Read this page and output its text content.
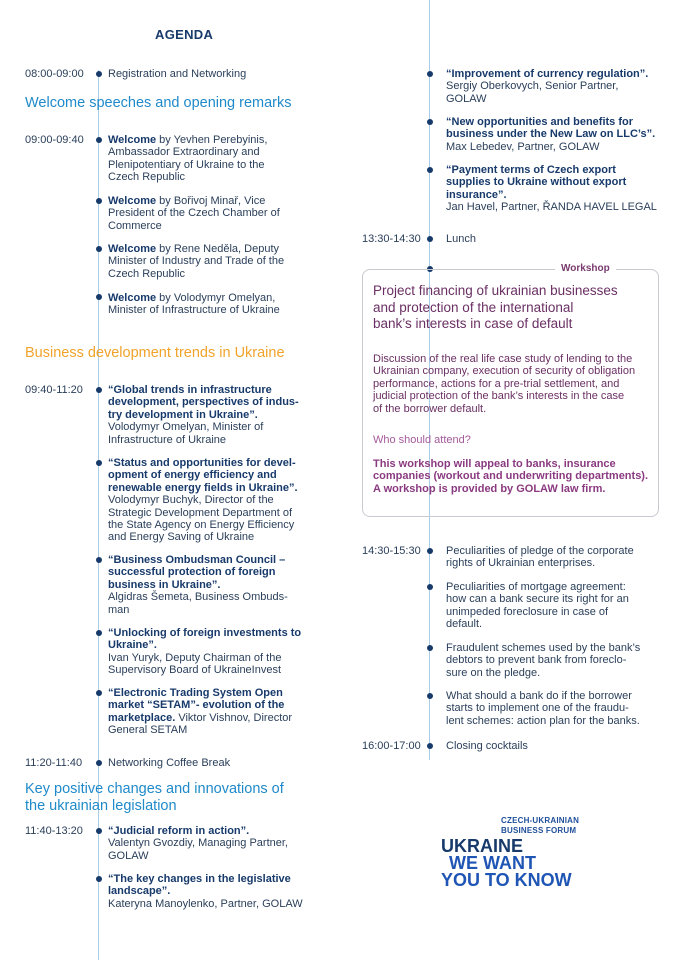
AGENDA
08:00-09:00 Registration and Networking
Welcome speeches and opening remarks
09:00-09:40 Welcome by Yevhen Perebyinis,
Ambassador Extraordinary and
Plenipotentiary of Ukraine to the
Czech Republic
Welcome by Bořivoj Minař, Vice
President of the Czech Chamber of
Commerce
Welcome by Rene Neděla, Deputy
Minister of Industry and Trade of the
Czech Republic
Welcome by Volodymyr Omelyan,
Minister of Infrastructure of Ukraine
Business development trends in Ukraine
09:40-11:20 “Global trends in infrastructure
development, perspectives of indus-
try development in Ukraine”.
Volodymyr Omelyan, Minister of
Infrastructure of Ukraine
“Status and opportunities for devel-
opment of energy efficiency and
renewable energy fields in Ukraine”.
Volodymyr Buchyk, Director of the
Strategic Development Department of
the State Agency on Energy Efficiency
and Energy Saving of Ukraine
“Business Ombudsman Council –
successful protection of foreign
business in Ukraine”.
Algidras Šemeta, Business Ombuds-
man
“Unlocking of foreign investments to
Ukraine”.
Ivan Yuryk, Deputy Chairman of the
Supervisory Board of UkraineInvest
“Electronic Trading System Open
market “SETAM”- evolution of the
marketplace. Viktor Vishnov, Director
General SETAM
11:20-11:40 Networking Coffee Break
Key positive changes and innovations of
the ukrainian legislation
11:40-13:20 “Judicial reform in action”.
Valentyn Gvozdiy, Managing Partner,
GOLAW
“The key changes in the legislative
landscape”.
Kateryna Manoylenko, Partner, GOLAW
“Improvement of currency regulation”.
Sergiy Oberkovych, Senior Partner,
GOLAW
“New opportunities and benefits for
business under the New Law on LLC’s”.
Max Lebedev, Partner, GOLAW
“Payment terms of Czech export
supplies to Ukraine without export
insurance”.
Jan Havel, Partner, ŘANDA HAVEL LEGAL
13:30-14:30 Lunch
Workshop
Project financing of ukrainian businesses
and protection of the international
bank’s interests in case of default
Discussion of the real life case study of lending to the
Ukrainian company, execution of security of obligation
performance, actions for a pre-trial settlement, and
judicial protection of the bank’s interests in the case
of the borrower default.
Who should attend?
This workshop will appeal to banks, insurance
companies (workout and underwriting departments).
A workshop is provided by GOLAW law firm.
14:30-15:30 Peculiarities of pledge of the corporate
rights of Ukrainian enterprises.
Peculiarities of mortgage agreement:
how can a bank secure its right for an
unimpeded foreclosure in case of
default.
Fraudulent schemes used by the bank’s
debtors to prevent bank from foreclo-
sure on the pledge.
What should a bank do if the borrower
starts to implement one of the fraudu-
lent schemes: action plan for the banks.
16:00-17:00 Closing cocktails
CZECH-UKRAINIAN
BUSINESS FORUM
UKRAINE
WE WANT
YOU TO KNOW
